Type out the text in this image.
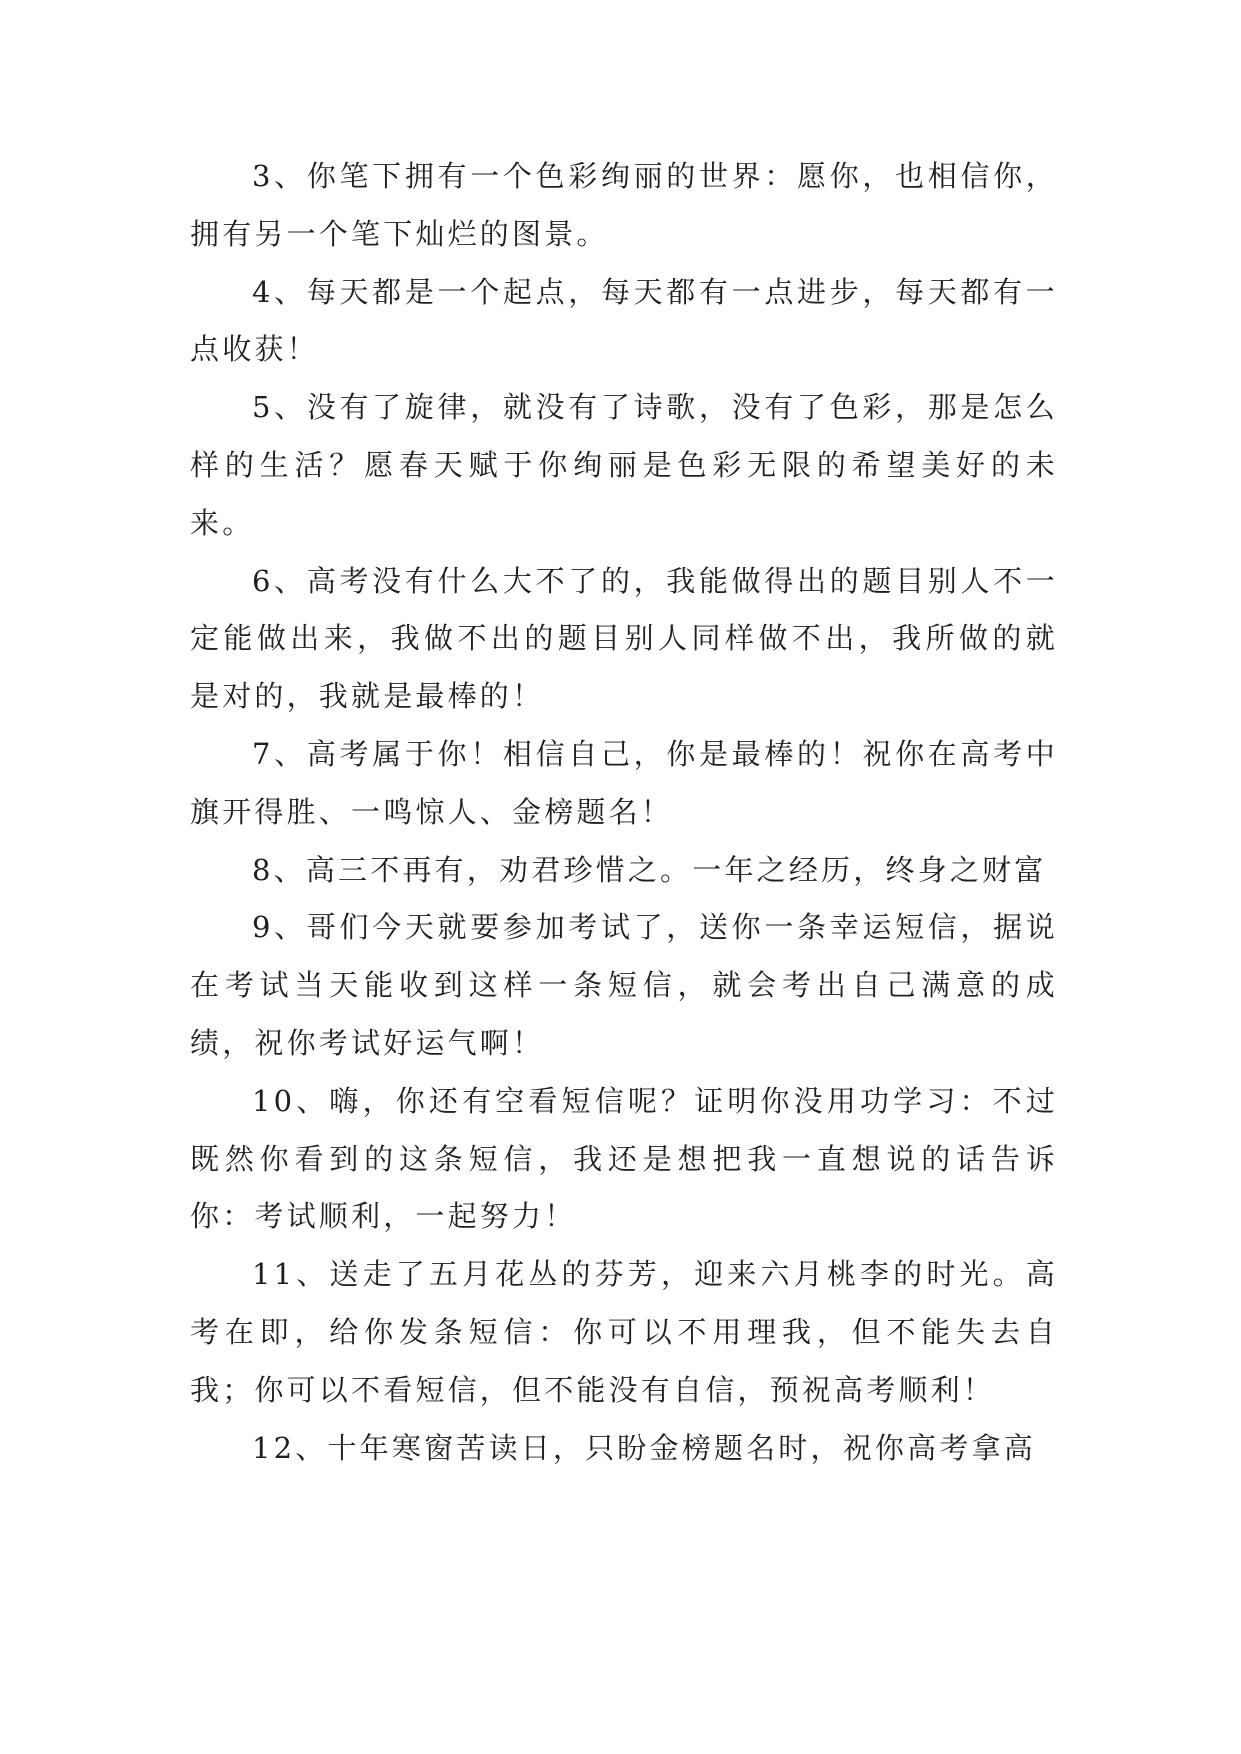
3、你笔下拥有一个色彩绚丽的世界：愿你，也相信你，拥有另一个笔下灿烂的图景。

4、每天都是一个起点，每天都有一点进步，每天都有一点收获！

5、没有了旋律，就没有了诗歌，没有了色彩，那是怎么样的生活？愿春天赋于你绚丽是色彩无限的希望美好的未来。

6、高考没有什么大不了的，我能做得出的题目别人不一定能做出来，我做不出的题目别人同样做不出，我所做的就是对的，我就是最棒的！

7、高考属于你！相信自己，你是最棒的！祝你在高考中旗开得胜、一鸣惊人、金榜题名！

8、高三不再有，劝君珍惜之。一年之经历，终身之财富

9、哥们今天就要参加考试了，送你一条幸运短信，据说在考试当天能收到这样一条短信，就会考出自己满意的成绩，祝你考试好运气啊！

10、嗨，你还有空看短信呢？证明你没用功学习：不过既然你看到的这条短信，我还是想把我一直想说的话告诉你：考试顺利，一起努力！

11、送走了五月花丛的芬芳，迎来六月桃李的时光。高考在即，给你发条短信：你可以不用理我，但不能失去自我；你可以不看短信，但不能没有自信，预祝高考顺利！

12、十年寒窗苦读日，只盼金榜题名时，祝你高考拿高
